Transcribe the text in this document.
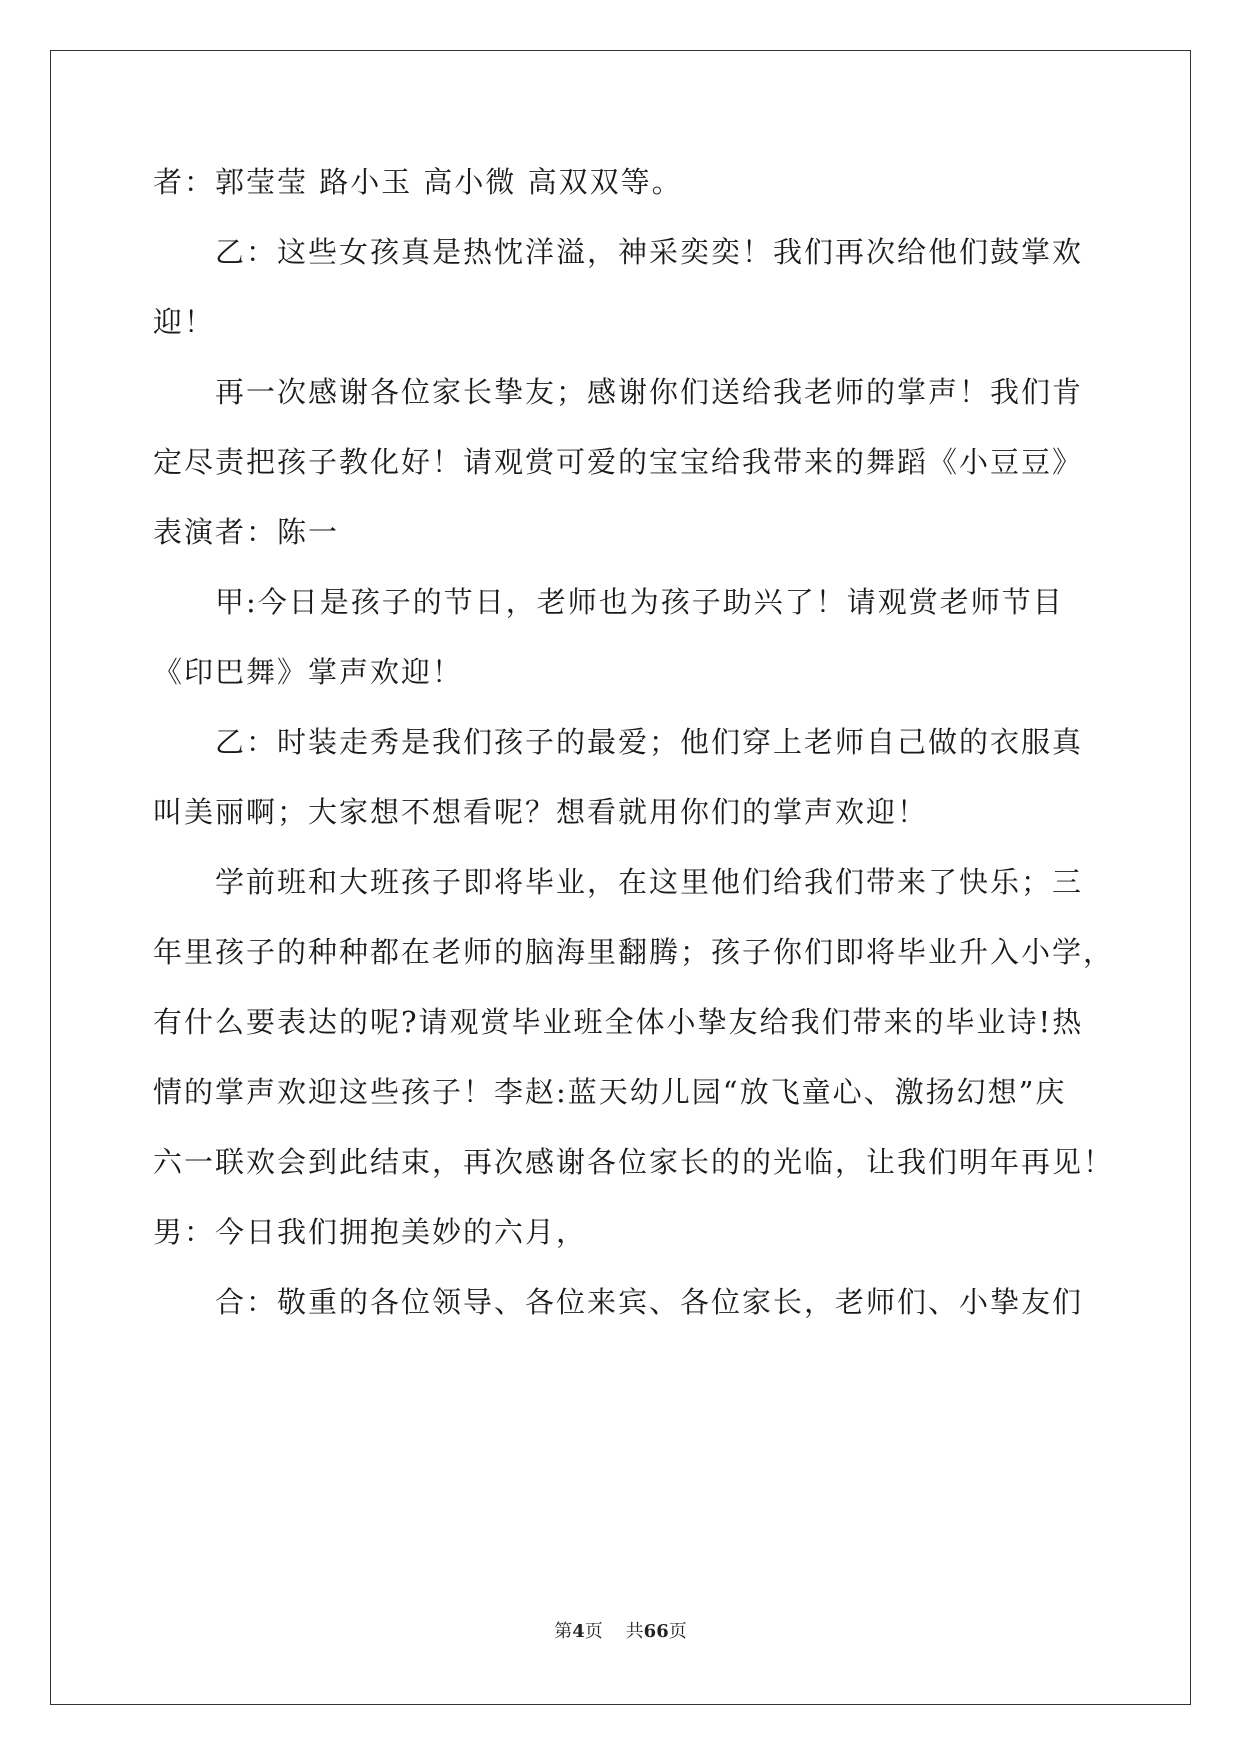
者：郭莹莹 路小玉 高小微 高双双等。
乙：这些女孩真是热忱洋溢，神采奕奕！我们再次给他们鼓掌欢
迎！
再一次感谢各位家长挚友；感谢你们送给我老师的掌声！我们肯
定尽责把孩子教化好！请观赏可爱的宝宝给我带来的舞蹈《小豆豆》
表演者：陈一
甲:今日是孩子的节日，老师也为孩子助兴了！请观赏老师节目
《印巴舞》掌声欢迎！
乙：时装走秀是我们孩子的最爱；他们穿上老师自己做的衣服真
叫美丽啊；大家想不想看呢？想看就用你们的掌声欢迎！
学前班和大班孩子即将毕业，在这里他们给我们带来了快乐；三
年里孩子的种种都在老师的脑海里翻腾；孩子你们即将毕业升入小学，
有什么要表达的呢?请观赏毕业班全体小挚友给我们带来的毕业诗!热
情的掌声欢迎这些孩子！李赵:蓝天幼儿园“放飞童心、激扬幻想”庆
六一联欢会到此结束，再次感谢各位家长的的光临，让我们明年再见！
男：今日我们拥抱美妙的六月，
合：敬重的各位领导、各位来宾、各位家长，老师们、小挚友们
第4页    共66页
